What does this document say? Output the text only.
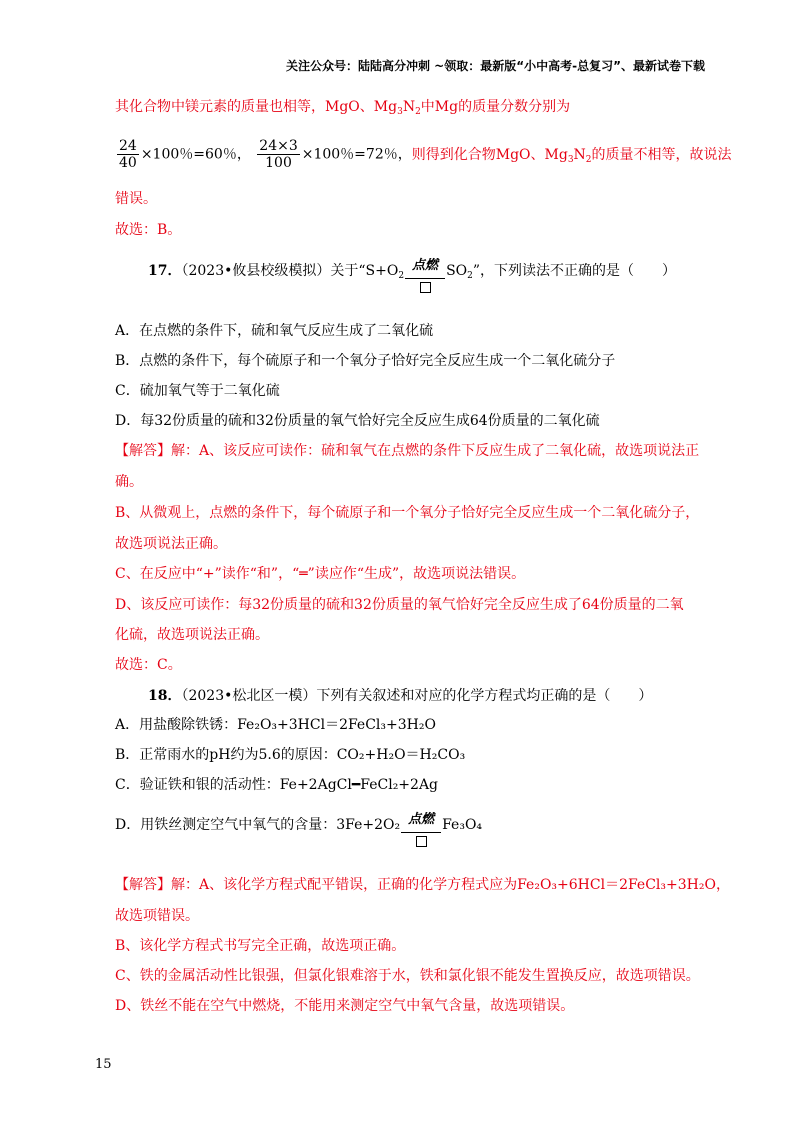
关注公众号：陆陆高分冲刺 ~领取：最新版“小中高考-总复习”、最新试卷下载
其化合物中镁元素的质量也相等，MgO、$Mg_3N_2$中Mg的质量分数分别为
$\frac{24}{40} \times 100$％=60％， $\frac{24\times 3}{100} \times 100$％=72％，则得到化合物MgO、$Mg_3N_2$的质量不相等，故说法
错误。
故选：B。
17．（2023•攸县校级模拟）关于“$S+O_2$点燃 $SO_2$”，下列读法不正确的是（　　）
A．在点燃的条件下，硫和氧气反应生成了二氧化硫
B．点燃的条件下，每个硫原子和一个氧分子恰好完全反应生成一个二氧化硫分子
C．硫加氧气等于二氧化硫
D．每32份质量的硫和32份质量的氧气恰好完全反应生成64份质量的二氧化硫
【解答】解：A、该反应可读作：硫和氧气在点燃的条件下反应生成了二氧化硫，故选项说法正
确。
B、从微观上，点燃的条件下，每个硫原子和一个氧分子恰好完全反应生成一个二氧化硫分子，
故选项说法正确。
C、在反应中“+”读作“和”，“═”读应作“生成”，故选项说法错误。
D、该反应可读作：每32份质量的硫和32份质量的氧气恰好完全反应生成了64份质量的二氧
化硫，故选项说法正确。
故选：C。
18．（2023•松北区一模）下列有关叙述和对应的化学方程式均正确的是（　　）
A．用盐酸除铁锈：Fe₂O₃+3HCl＝2FeCl₃+3H₂O
B．正常雨水的pH约为5.6的原因：CO₂+H₂O＝H₂CO₃
C．验证铁和银的活动性：Fe+2AgCl━FeCl₂+2Ag
D．用铁丝测定空气中氧气的含量：3Fe+2O₂ 点燃 Fe₃O₄
【解答】解：A、该化学方程式配平错误，正确的化学方程式应为Fe₂O₃+6HCl＝2FeCl₃+3H₂O，
故选项错误。
B、该化学方程式书写完全正确，故选项正确。
C、铁的金属活动性比银强，但氯化银难溶于水，铁和氯化银不能发生置换反应，故选项错误。
D、铁丝不能在空气中燃烧，不能用来测定空气中氧气含量，故选项错误。
15
